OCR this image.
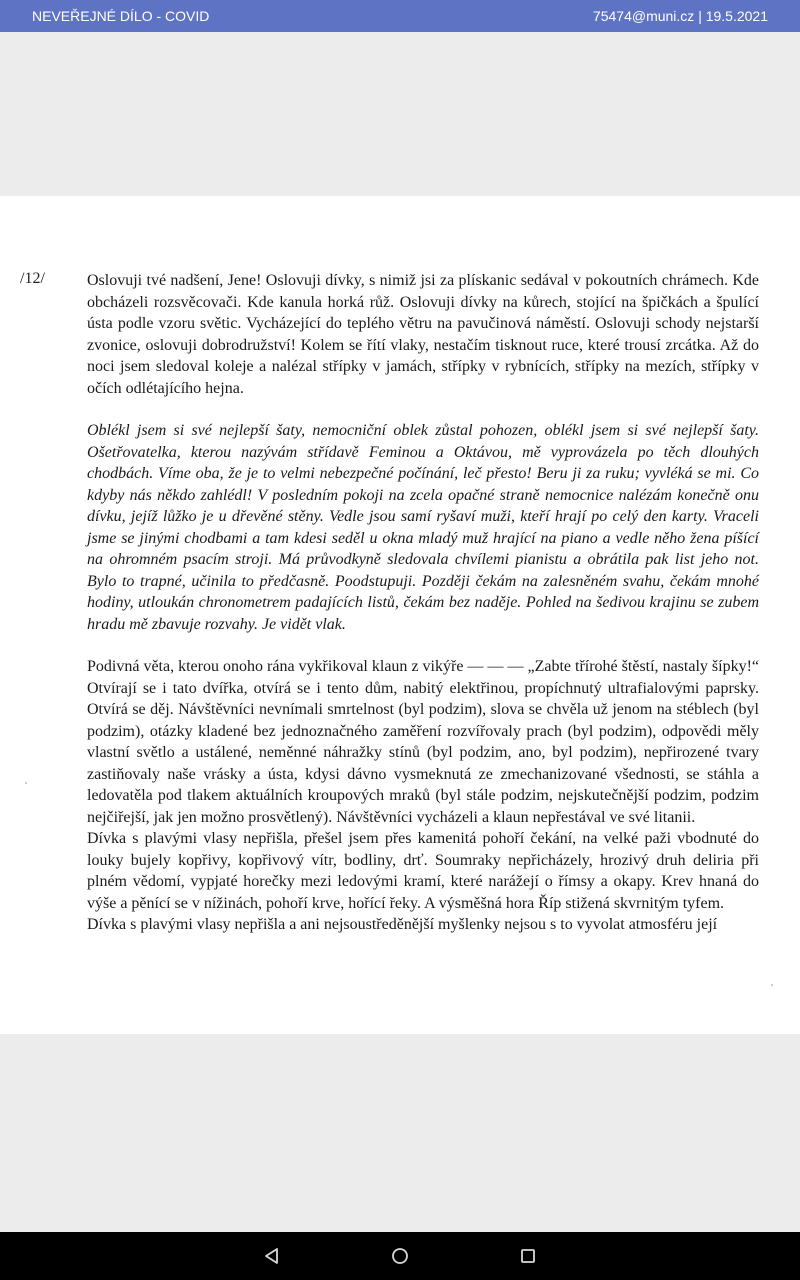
NEVEŘEJNÉ DÍLO - COVID	75474@muni.cz | 19.5.2021
/12/	Oslovuji tvé nadšení, Jene! Oslovuji dívky, s nimiž jsi za plískanic sedával v pokoutních chrámech. Kde obcházeli rozsvěcovači. Kde kanula horká růž. Oslovuji dívky na kůrech, stojící na špičkách a špulící ústa podle vzoru světic. Vycházející do teplého větru na pavučinová náměstí. Oslovuji schody nejstarší zvonice, oslovuji dobrodružství! Kolem se řítí vlaky, nestačím tisknout ruce, které trousí zrcátka. Až do noci jsem sledoval koleje a nalézal střípky v jamách, střípky v rybnících, střípky na mezích, střípky v očích odlétajícího hejna.

Oblékl jsem si své nejlepší šaty, nemocniční oblek zůstal pohozen, oblékl jsem si své nejlepší šaty. Ošetřovatelka, kterou nazývám střídavě Feminou a Oktávou, mě vyprovázela po těch dlouhých chodbách. Víme oba, že je to velmi nebezpečné počínání, leč přesto! Beru ji za ruku; vyvléká se mi. Co kdyby nás někdo zahlédl! V posledním pokoji na zcela opačné straně nemocnice nalézám konečně onu dívku, jejíž lůžko je u dřevěné stěny. Vedle jsou samí ryšaví muži, kteří hrají po celý den karty. Vraceli jsme se jinými chodbami a tam kdesi seděl u okna mladý muž hrající na piano a vedle něho žena píšící na ohromném psacím stroji. Má průvodkyně sledovala chvílemi pianistu a obrátila pak list jeho not. Bylo to trapné, učinila to předčasně. Poodstupuji. Později čekám na zalesněném svahu, čekám mnohé hodiny, utloukán chronometrem padajících listů, čekám bez naděje. Pohled na šedivou krajinu se zubem hradu mě zbavuje rozvahy. Je vidět vlak.

Podivná věta, kterou onoho rána vykřikoval klaun z vikýře — — — „Zabte třírohé štěstí, nastaly šípky!“ Otvírají se i tato dvířka, otvírá se i tento dům, nabitý elektřinou, propíchnutý ultrafialovými paprsky. Otvírá se děj. Návštěvníci nevnímali smrtelnost (byl podzim), slova se chvěla už jenom na stéblech (byl podzim), otázky kladené bez jednoznačného zaměření rozvířovaly prach (byl podzim), odpovědi měly vlastní světlo a ustálené, neměnné náhražky stínů (byl podzim, ano, byl podzim), nepřirozené tvary zastiňovaly naše vrásky a ústa, kdysi dávno vysmeknutá ze zmechanizované všednosti, se stáhla a ledovatěla pod tlakem aktuálních kroupových mraků (byl stále podzim, nejskutečnější podzim, podzim nejčiřejší, jak jen možno prosvětlený). Návštěvníci vycházeli a klaun nepřestával ve své litanii.

Dívka s plavými vlasy nepřišla, přešel jsem přes kamenitá pohoří čekání, na velké paži vbodnuté do louky bujely kopřivy, kopřivový vítr, bodliny, drť. Soumraky nepřicházely, hrozivý druh deliria při plném vědomí, vypjaté horečky mezi ledovými kramí, které narážejí o římsy a okapy. Krev hnaná do výše a pěnící se v nížinách, pohoří krve, hořící řeky. A výsměšná hora Říp stižená skvrnitým tyfem.

Dívka s plavými vlasy nepřišla a ani nejsoustředěnější myšlenky nejsou s to vyvolat atmosféru její
